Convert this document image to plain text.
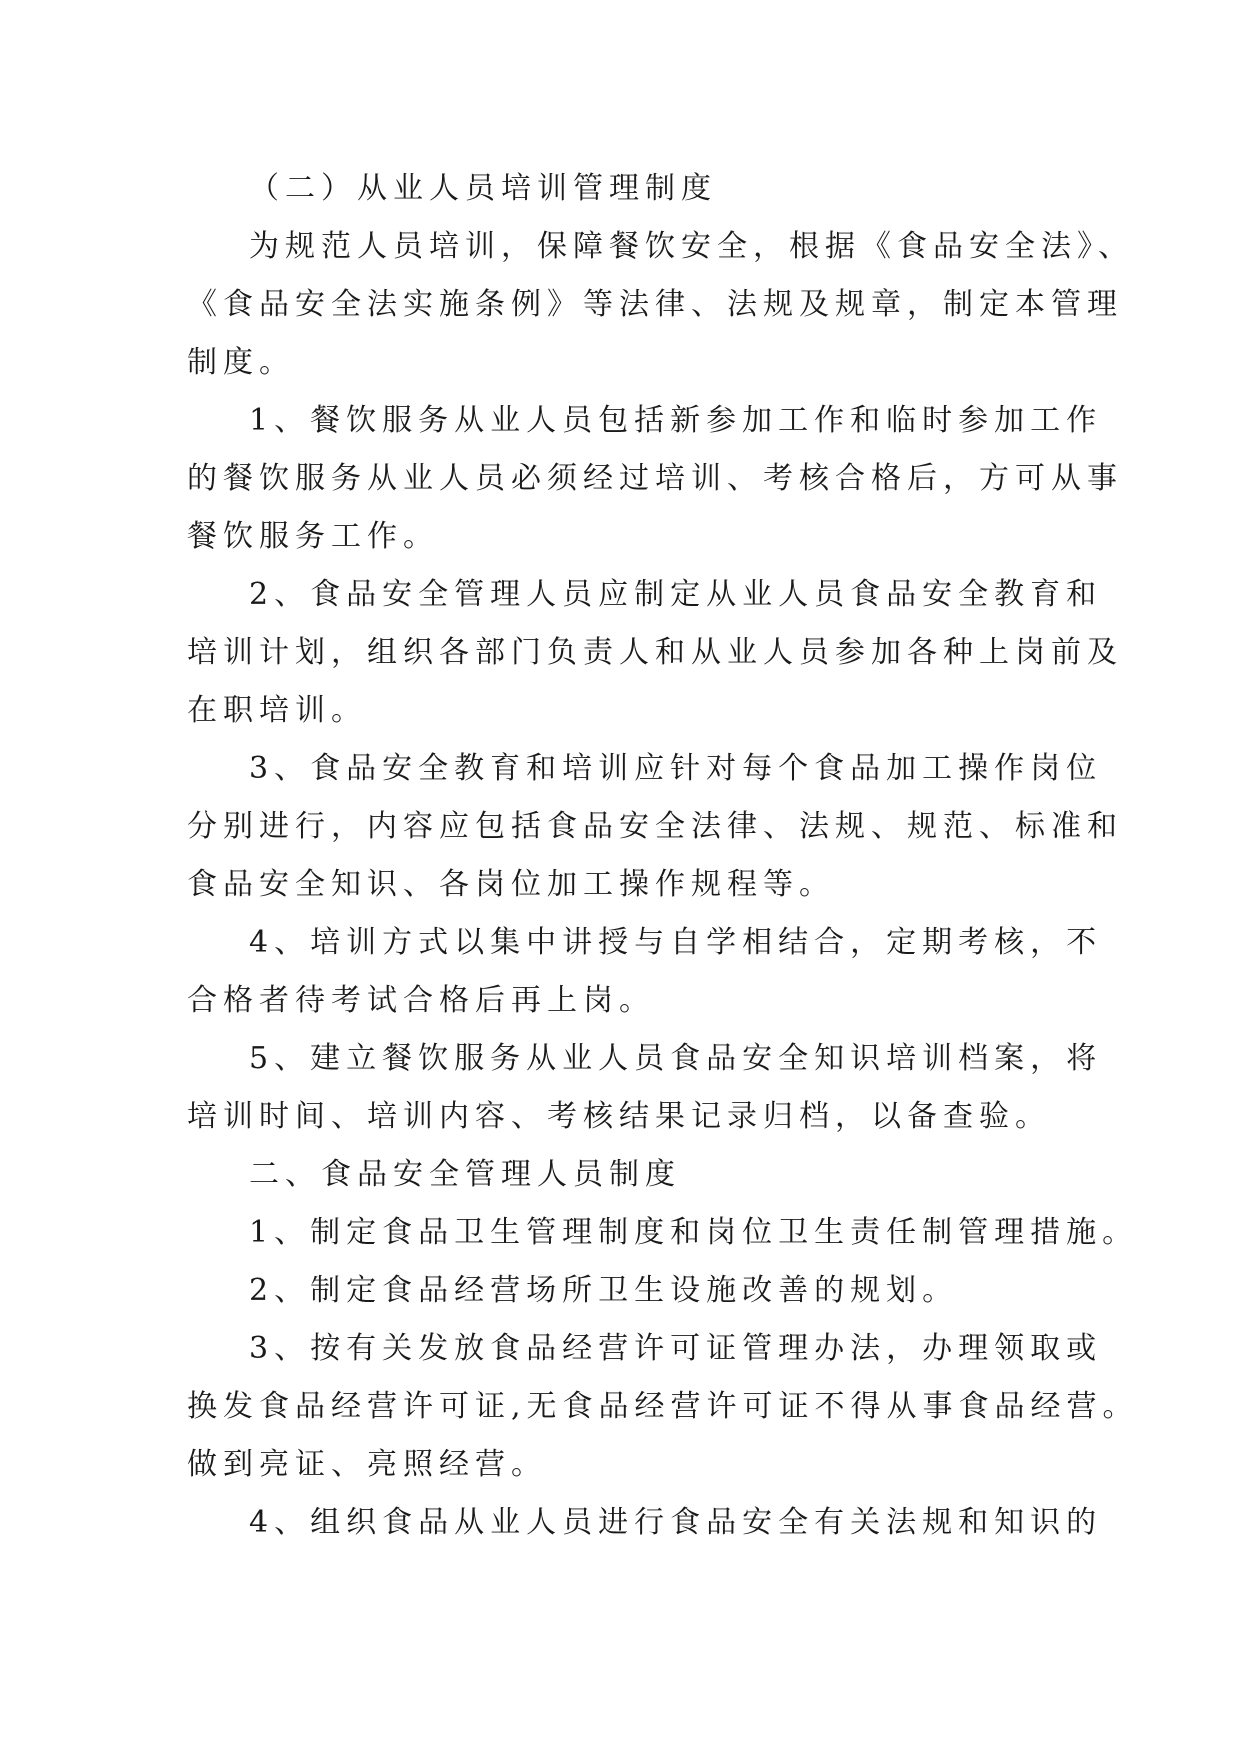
（二）从业人员培训管理制度
为规范人员培训，保障餐饮安全，根据《食品安全法》、
《食品安全法实施条例》等法律、法规及规章，制定本管理
制度。
1、餐饮服务从业人员包括新参加工作和临时参加工作
的餐饮服务从业人员必须经过培训、考核合格后，方可从事
餐饮服务工作。
2、食品安全管理人员应制定从业人员食品安全教育和
培训计划，组织各部门负责人和从业人员参加各种上岗前及
在职培训。
3、食品安全教育和培训应针对每个食品加工操作岗位
分别进行，内容应包括食品安全法律、法规、规范、标准和
食品安全知识、各岗位加工操作规程等。
4、培训方式以集中讲授与自学相结合，定期考核，不
合格者待考试合格后再上岗。
5、建立餐饮服务从业人员食品安全知识培训档案，将
培训时间、培训内容、考核结果记录归档，以备查验。
二、食品安全管理人员制度
1、制定食品卫生管理制度和岗位卫生责任制管理措施。
2、制定食品经营场所卫生设施改善的规划。
3、按有关发放食品经营许可证管理办法，办理领取或
换发食品经营许可证,无食品经营许可证不得从事食品经营。
做到亮证、亮照经营。
4、组织食品从业人员进行食品安全有关法规和知识的
